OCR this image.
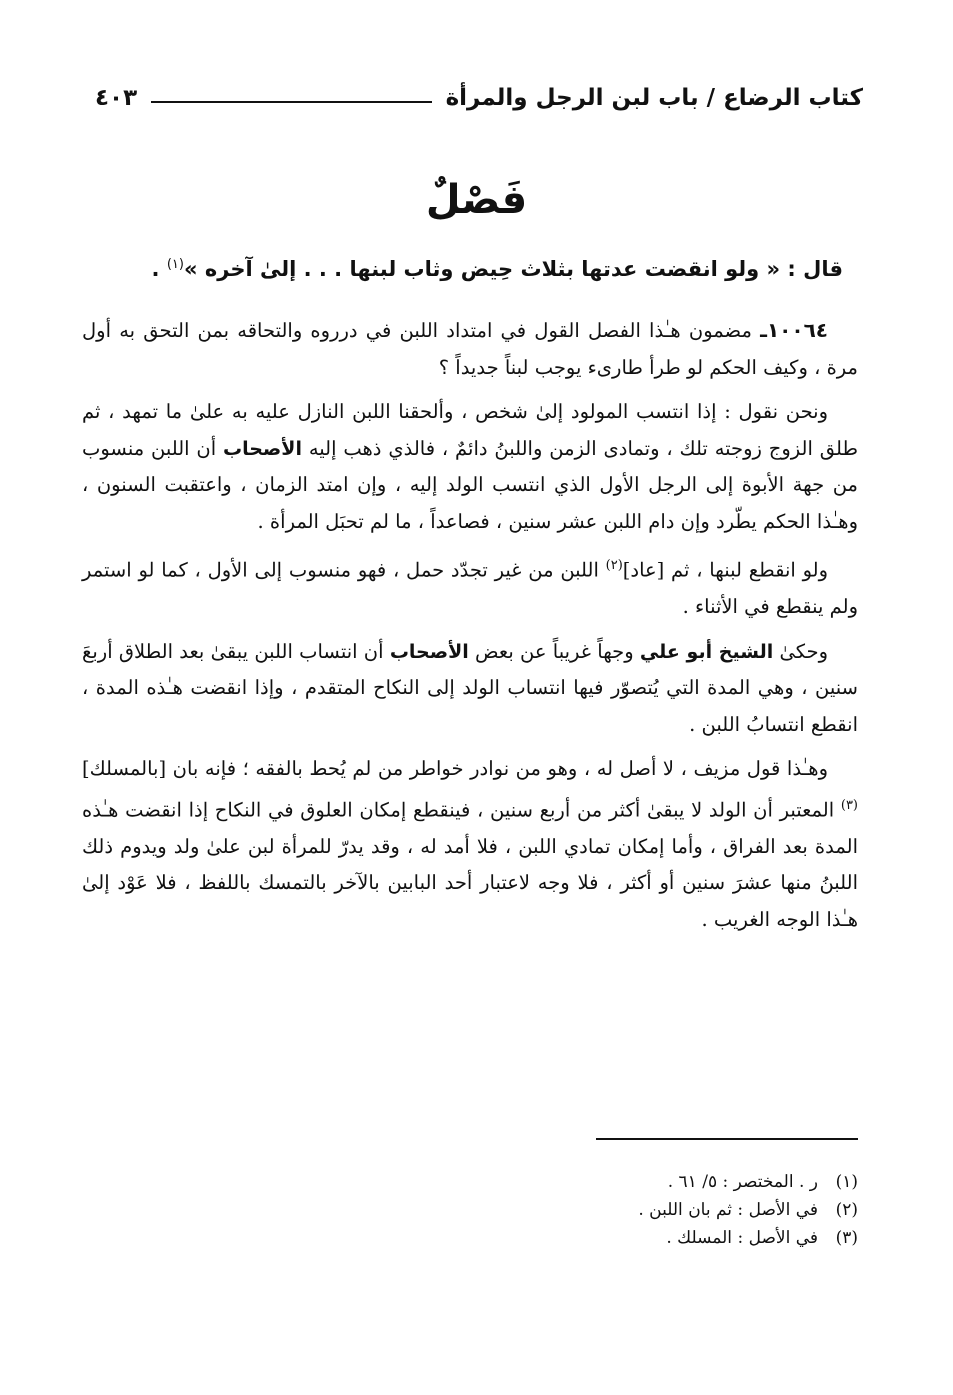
كتاب الرضاع / باب لبن الرجل والمرأة
٤٠٣
فَصْلٌ
قال : « ولو انقضت عدتها بثلاث حِيض وثاب لبنها . . . إلىٰ آخره »$^{(١)}$ .

١٠٠٦٤ـ مضمون هـٰذا الفصل القول في امتداد اللبن في درروه والتحاقه بمن التحق به أول مرة ، وكيف الحكم لو طرأ طارىء يوجب لبناً جديداً ؟

ونحن نقول : إذا انتسب المولود إلىٰ شخص ، وألحقنا اللبن النازل عليه به علىٰ ما تمهد ، ثم طلق الزوج زوجته تلك ، وتمادى الزمن واللبنُ دائمٌ ، فالذي ذهب إليه الأصحاب أن اللبن منسوب من جهة الأبوة إلى الرجل الأول الذي انتسب الولد إليه ، وإن امتد الزمان ، واعتقبت السنون ، وهـٰذا الحكم يطّرد وإن دام اللبن عشر سنين ، فصاعداً ، ما لم تحبَل المرأة .

ولو انقطع لبنها ، ثم [عاد]$^{(٢)}$ اللبن من غير تجدّد حمل ، فهو منسوب إلى الأول ، كما لو استمر ولم ينقطع في الأثناء .

وحكىٰ الشيخ أبو علي وجهاً غريباً عن بعض الأصحاب أن انتساب اللبن يبقىٰ بعد الطلاق أربعَ سنين ، وهي المدة التي يُتصوّر فيها انتساب الولد إلى النكاح المتقدم ، وإذا انقضت هـٰذه المدة ، انقطع انتسابُ اللبن .

وهـٰذا قول مزيف ، لا أصل له ، وهو من نوادر خواطر من لم يُحط بالفقه ؛ فإنه بان [بالمسلك]$^{(٣)}$ المعتبر أن الولد لا يبقىٰ أكثر من أربع سنين ، فينقطع إمكان العلوق في النكاح إذا انقضت هـٰذه المدة بعد الفراق ، وأما إمكان تمادي اللبن ، فلا أمد له ، وقد يدرّ للمرأة لبن علىٰ ولد ويدوم ذلك اللبنُ منها عشرَ سنين أو أكثر ، فلا وجه لاعتبار أحد البابين بالآخر بالتمسك باللفظ ، فلا عَوْد إلىٰ هـٰذا الوجه الغريب .

(١)
ر . المختصر : ٥/ ٦١ .
(٢)
في الأصل : ثم بان اللبن .
(٣)
في الأصل : المسلك .
